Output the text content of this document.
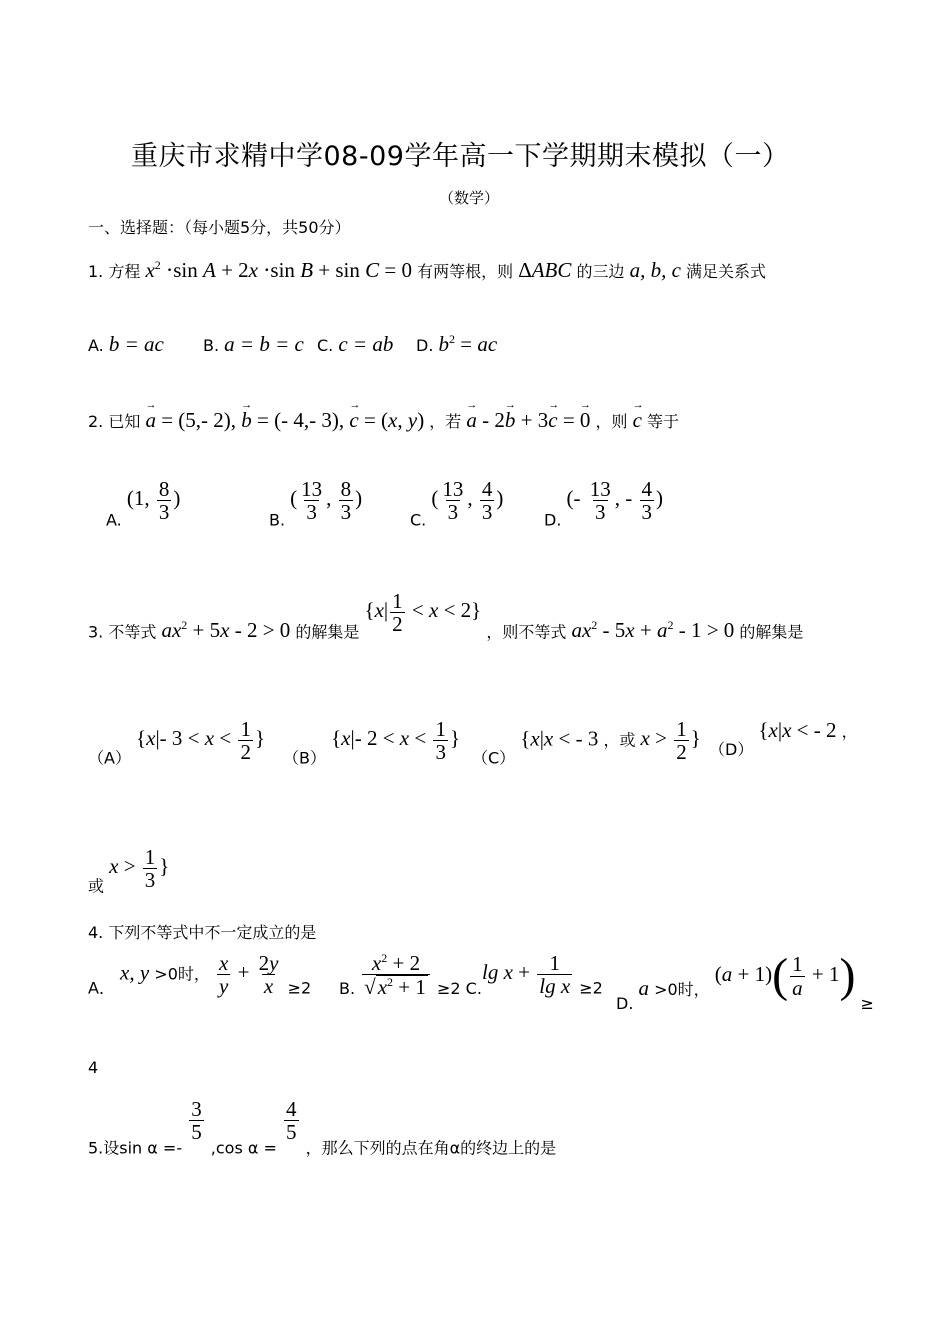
重庆市求精中学08-09学年高一下学期期末模拟（一）
（数学）
一、选择题：（每小题5分，共50分）
1. 方程 $x^2 \cdot\sin$ A + 2x ⋅sin B + sin C = 0 有两等根，则 ΔABC 的三边 a, b, c 满足关系式
A. b = ac B. a = b = c C. c = ab D. $b^2$ = ac
2. 已知 → a = (5,- 2), → b = (- 4,- 3), → c = (x, y) ，若 → a - 2→ b + 3→ c = → 0 ，则 → c 等于
A. (1, $\frac{8}{3}$ )
B. ( $\frac{13}{3}$ , $\frac{8}{3}$ )
C. ( $\frac{13}{3}$ , $\frac{4}{3}$ )
D. (- $\frac{13}{3}$ , - $\frac{4}{3}$ )
3. 不等式 $ax^2 + 5x - 2 > 0$ 的解集是 $\{x| \frac{1}{2} < x < 2\}$ ，则不等式 $ax^2 - 5x + a^2 - 1 > 0$ 的解集是
（A） {x|- $3 < x < \frac{1}{2}$ }
（B） {x|- $2 < x < \frac{1}{3}$ }
（C） {x|x < - 3 ，或 $x > \frac{1}{2}$ } （D） {x|x < - 2 ，
或 $x > \frac{1}{3}$ }
4. 下列不等式中不一定成立的是
A． x, y >0时， $\frac{x}{y} + \frac{2y}{x} \ge 2$ B. $\frac{x^2 + 2}{√x^2 + 1} \ge 2$ C.
$\lg x + \frac{1}{\text{lg x}} \ge 2$
D. a >0时， $(a + 1)( \frac{1}{a} + 1)$ ≥
4
5.设sin α =-
$\frac{3}{5}$
,cos α =
$\frac{4}{5}$
，那么下列的点在角α的终边上的是
